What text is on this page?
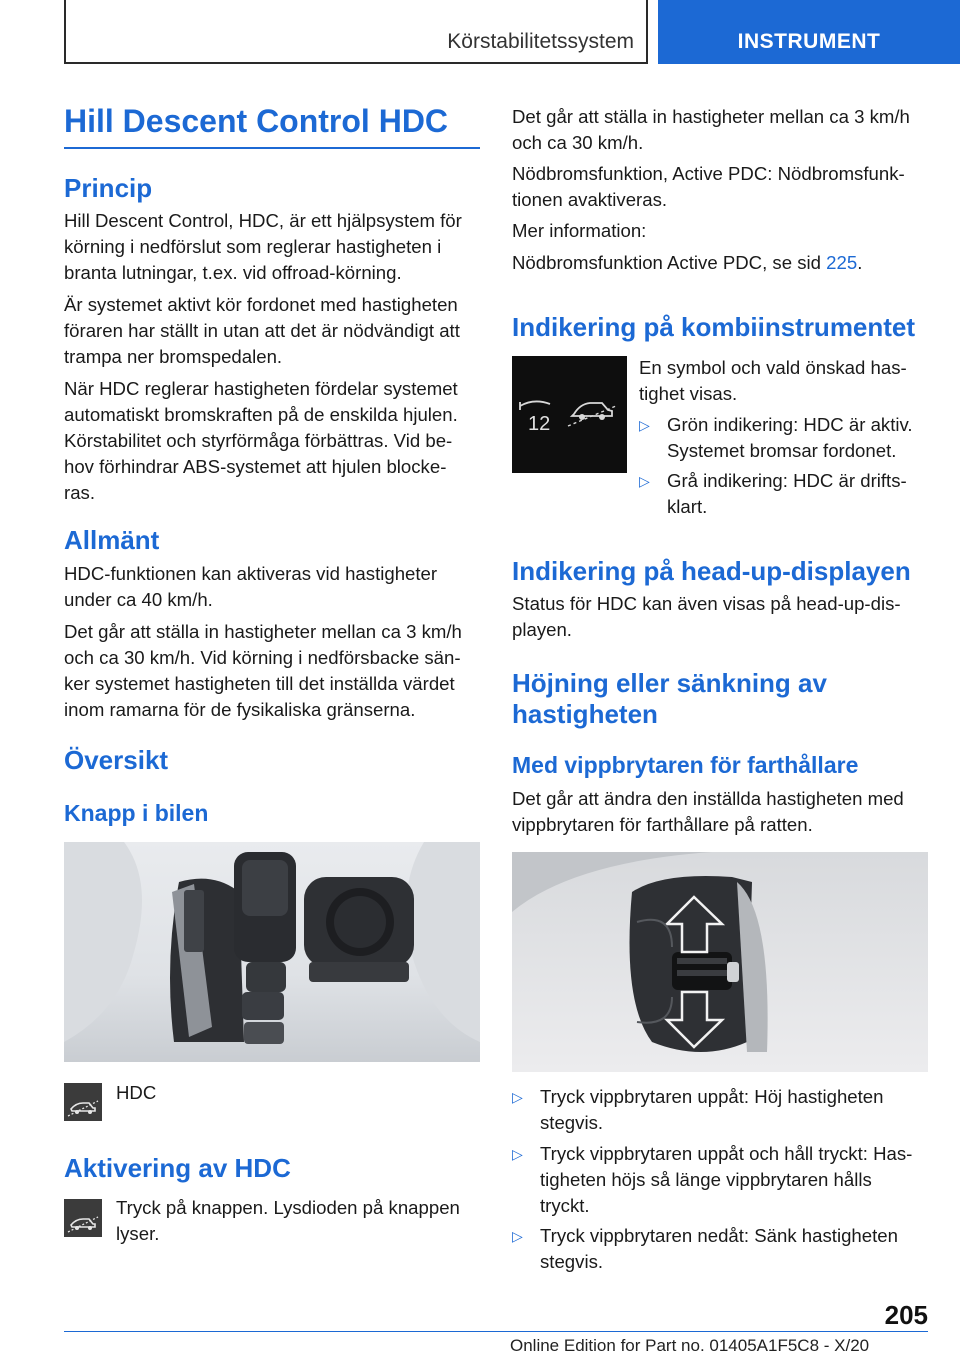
Körstabilitetssystem	INSTRUMENT
Hill Descent Control HDC
Princip
Hill Descent Control, HDC, är ett hjälpsystem för
körning i nedförslut som reglerar hastigheten i
branta lutningar, t.ex. vid offroad-körning.
Är systemet aktivt kör fordonet med hastigheten
föraren har ställt in utan att det är nödvändigt att
trampa ner bromspedalen.
När HDC reglerar hastigheten fördelar systemet
automatiskt bromskraften på de enskilda hjulen.
Körstabilitet och styrförmåga förbättras. Vid be-
hov förhindrar ABS-systemet att hjulen blocke-
ras.
Allmänt
HDC-funktionen kan aktiveras vid hastigheter
under ca 40 km/h.
Det går att ställa in hastigheter mellan ca 3 km/h
och ca 30 km/h. Vid körning i nedförsbacke sän-
ker systemet hastigheten till det inställda värdet
inom ramarna för de fysikaliska gränserna.
Översikt
Knapp i bilen
HDC
Aktivering av HDC
Tryck på knappen. Lysdioden på knappen
lyser.
Det går att ställa in hastigheter mellan ca 3 km/h
och ca 30 km/h.
Nödbromsfunktion, Active PDC: Nödbromsfunk-
tionen avaktiveras.
Mer information:
Nödbromsfunktion Active PDC, se sid 225.
Indikering på kombiinstrumentet
12
En symbol och vald önskad has-
tighet visas.
▷ Grön indikering: HDC är aktiv.
Systemet bromsar fordonet.
▷ Grå indikering: HDC är drifts-
klart.
Indikering på head-up-displayen
Status för HDC kan även visas på head-up-dis-
playen.
Höjning eller sänkning av
hastigheten
Med vippbrytaren för farthållare
Det går att ändra den inställda hastigheten med
vippbrytaren för farthållare på ratten.
▷ Tryck vippbrytaren uppåt: Höj hastigheten
stegvis.
▷ Tryck vippbrytaren uppåt och håll tryckt: Has-
tigheten höjs så länge vippbrytaren hålls
tryckt.
▷ Tryck vippbrytaren nedåt: Sänk hastigheten
stegvis.
205
Online Edition for Part no. 01405A1F5C8 - X/20
